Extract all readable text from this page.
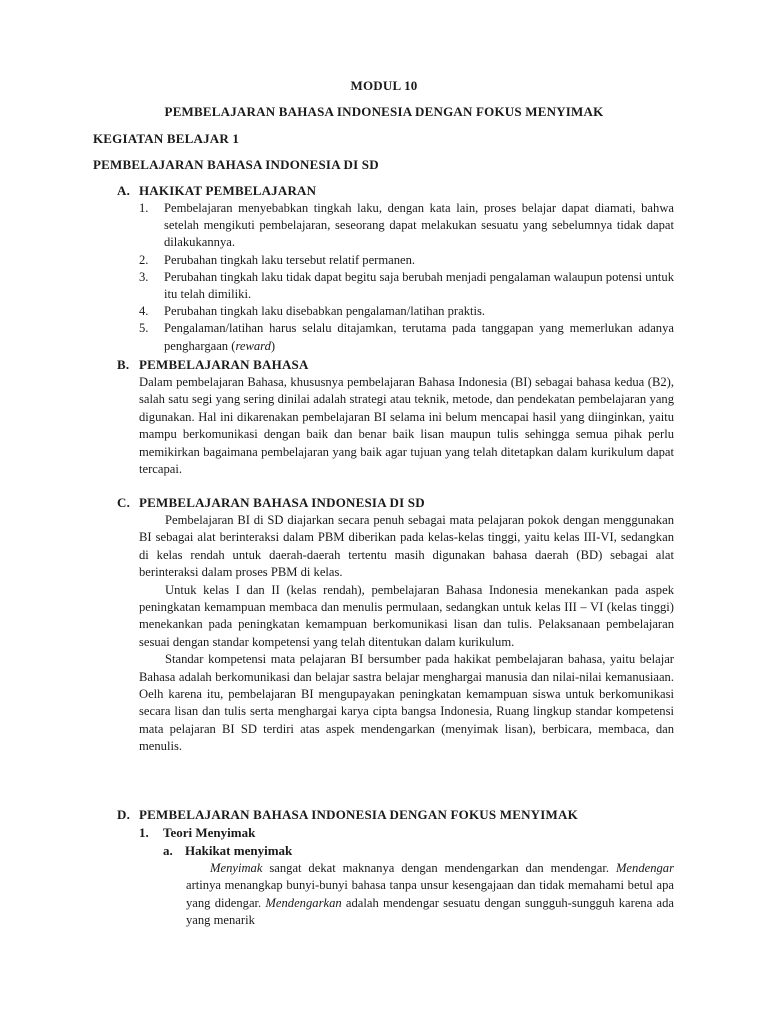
MODUL 10
PEMBELAJARAN BAHASA INDONESIA DENGAN FOKUS MENYIMAK
KEGIATAN BELAJAR 1
PEMBELAJARAN BAHASA INDONESIA DI SD
A. HAKIKAT PEMBELAJARAN
1. Pembelajaran menyebabkan tingkah laku, dengan kata lain, proses belajar dapat diamati, bahwa setelah mengikuti pembelajaran, seseorang dapat melakukan sesuatu yang sebelumnya tidak dapat dilakukannya.
2. Perubahan tingkah laku tersebut relatif permanen.
3. Perubahan tingkah laku tidak dapat begitu saja berubah menjadi pengalaman walaupun potensi untuk itu telah dimiliki.
4. Perubahan tingkah laku disebabkan pengalaman/latihan praktis.
5. Pengalaman/latihan harus selalu ditajamkan, terutama pada tanggapan yang memerlukan adanya penghargaan (reward)
B. PEMBELAJARAN BAHASA

Dalam pembelajaran Bahasa, khususnya pembelajaran Bahasa Indonesia (BI) sebagai bahasa kedua (B2), salah satu segi yang sering dinilai adalah strategi atau teknik, metode, dan pendekatan pembelajaran yang digunakan. Hal ini dikarenakan pembelajaran BI selama ini belum mencapai hasil yang diinginkan, yaitu mampu berkomunikasi dengan baik dan benar baik lisan maupun tulis sehingga semua pihak perlu memikirkan bagaimana pembelajaran yang baik agar tujuan yang telah ditetapkan dalam kurikulum dapat tercapai.

C. PEMBELAJARAN BAHASA INDONESIA DI SD

Pembelajaran BI di SD diajarkan secara penuh sebagai mata pelajaran pokok dengan menggunakan BI sebagai alat berinteraksi dalam PBM diberikan pada kelas-kelas tinggi, yaitu kelas III-VI, sedangkan di kelas rendah untuk daerah-daerah tertentu masih digunakan bahasa daerah (BD) sebagai alat berinteraksi dalam proses PBM di kelas.

Untuk kelas I dan II (kelas rendah), pembelajaran Bahasa Indonesia menekankan pada aspek peningkatan kemampuan membaca dan menulis permulaan, sedangkan untuk kelas III – VI (kelas tinggi) menekankan pada peningkatan kemampuan berkomunikasi lisan dan tulis. Pelaksanaan pembelajaran sesuai dengan standar kompetensi yang telah ditentukan dalam kurikulum.

Standar kompetensi mata pelajaran BI bersumber pada hakikat pembelajaran bahasa, yaitu belajar Bahasa adalah berkomunikasi dan belajar sastra belajar menghargai manusia dan nilai-nilai kemanusiaan. Oelh karena itu, pembelajaran BI mengupayakan peningkatan kemampuan siswa untuk berkomunikasi secara lisan dan tulis serta menghargai karya cipta bangsa Indonesia, Ruang lingkup standar kompetensi mata pelajaran BI SD terdiri atas aspek mendengarkan (menyimak lisan), berbicara, membaca, dan menulis.

D. PEMBELAJARAN BAHASA INDONESIA DENGAN FOKUS MENYIMAK
1. Teori Menyimak
a. Hakikat menyimak

Menyimak sangat dekat maknanya dengan mendengarkan dan mendengar. Mendengar artinya menangkap bunyi-bunyi bahasa tanpa unsur kesengajaan dan tidak memahami betul apa yang didengar. Mendengarkan adalah mendengar sesuatu dengan sungguh-sungguh karena ada yang menarik
